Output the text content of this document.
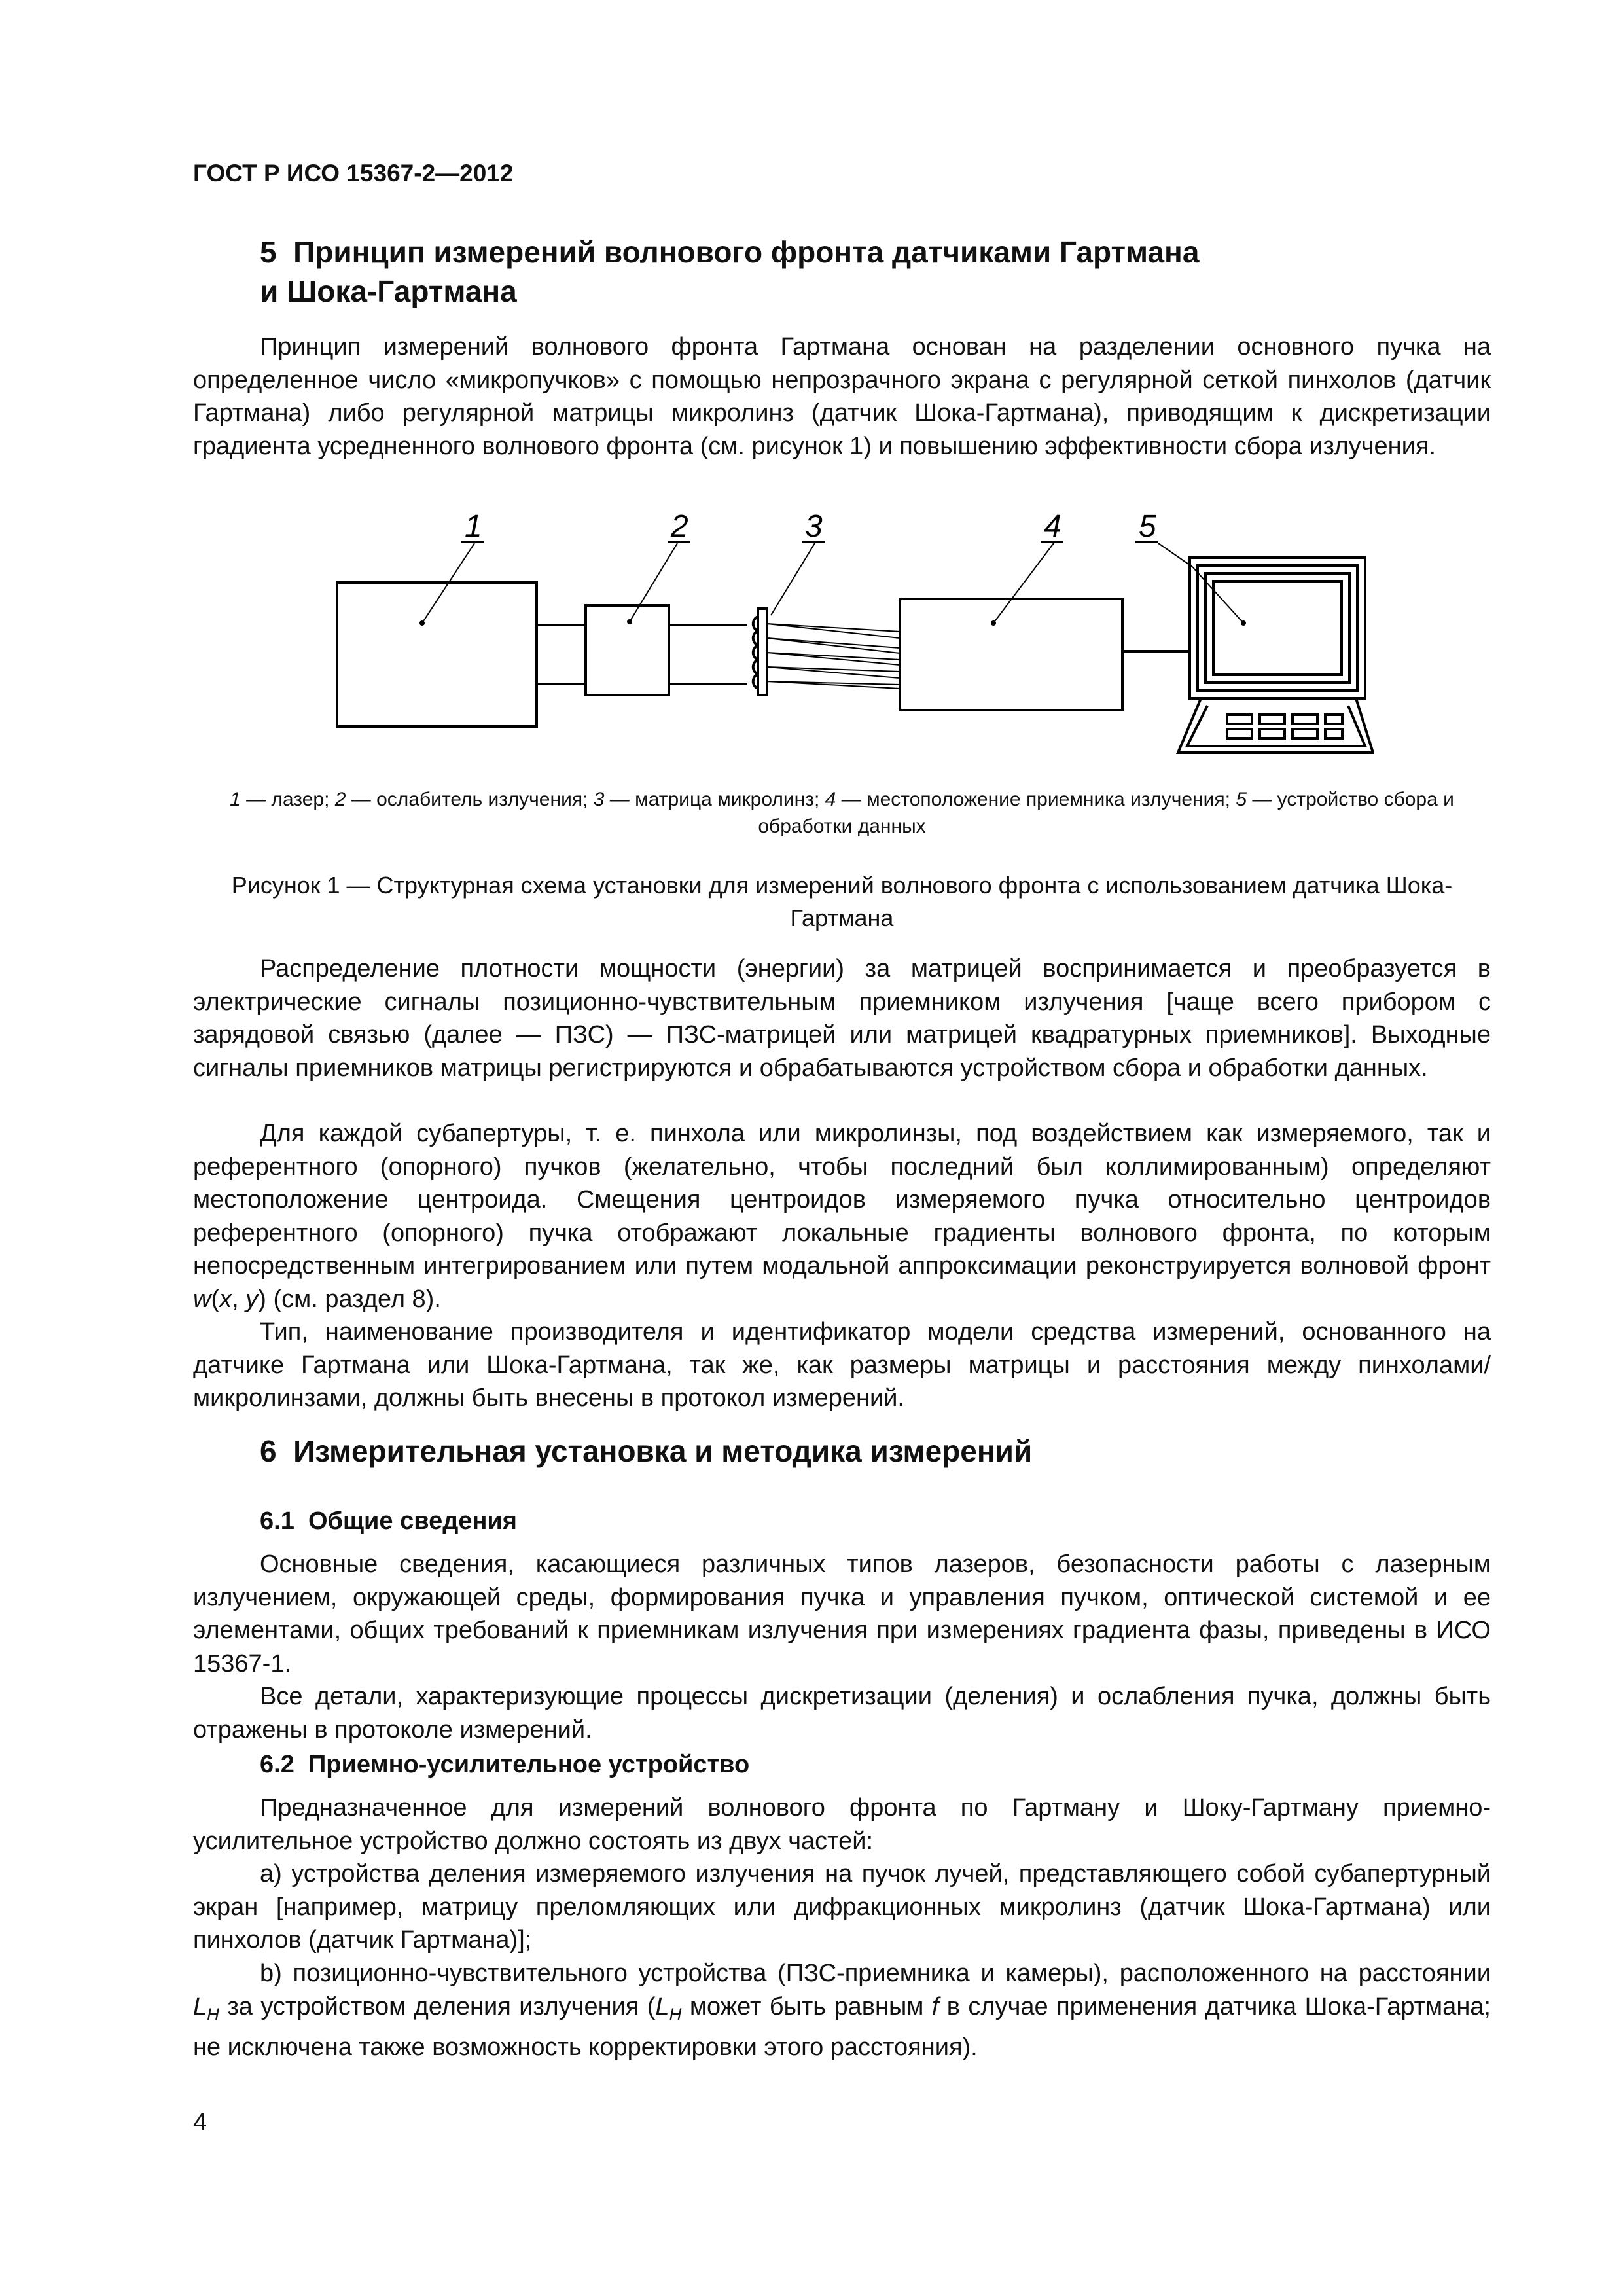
ГОСТ Р ИСО 15367-2—2012
5 Принцип измерений волнового фронта датчиками Гартмана
и Шока-Гартмана

Принцип измерений волнового фронта Гартмана основан на разделении основного пучка на определенное число «микропучков» с помощью непрозрачного экрана с регулярной сеткой пинхолов (датчик Гартмана) либо регулярной матрицы микролинз (датчик Шока-Гартмана), приводящим к дискретизации градиента усредненного волнового фронта (см. рисунок 1) и повышению эффективности сбора излучения.

1	2	3	4 5
1 — лазер; 2 — ослабитель излучения; 3 — матрица микролинз; 4 — местоположение приемника излучения; 5 — устройство сбора и обработки данных
Рисунок 1 — Структурная схема установки для измерений волнового фронта с использованием датчика Шока-Гартмана

Распределение плотности мощности (энергии) за матрицей воспринимается и преобразуется в электрические сигналы позиционно-чувствительным приемником излучения [чаще всего прибором с зарядовой связью (далее — ПЗС) — ПЗС-матрицей или матрицей квадратурных приемников]. Выходные сигналы приемников матрицы регистрируются и обрабатываются устройством сбора и обработки данных.

Для каждой субапертуры, т. е. пинхола или микролинзы, под воздействием как измеряемого, так и референтного (опорного) пучков (желательно, чтобы последний был коллимированным) определяют местоположение центроида. Смещения центроидов измеряемого пучка относительно центроидов референтного (опорного) пучка отображают локальные градиенты волнового фронта, по которым непосредственным интегрированием или путем модальной аппроксимации реконструируется волновой фронт w(x, y) (см. раздел 8).

Тип, наименование производителя и идентификатор модели средства измерений, основанного на датчике Гартмана или Шока-Гартмана, так же, как размеры матрицы и расстояния между пинхолами/микролинзами, должны быть внесены в протокол измерений.

6 Измерительная установка и методика измерений
6.1 Общие сведения

Основные сведения, касающиеся различных типов лазеров, безопасности работы с лазерным излучением, окружающей среды, формирования пучка и управления пучком, оптической системой и ее элементами, общих требований к приемникам излучения при измерениях градиента фазы, приведены в ИСО 15367-1.

Все детали, характеризующие процессы дискретизации (деления) и ослабления пучка, должны быть отражены в протоколе измерений.

6.2 Приемно-усилительное устройство

Предназначенное для измерений волнового фронта по Гартману и Шоку-Гартману приемно-усилительное устройство должно состоять из двух частей:

а) устройства деления измеряемого излучения на пучок лучей, представляющего собой субапертурный экран [например, матрицу преломляющих или дифракционных микролинз (датчик Шока-Гартмана) или пинхолов (датчик Гартмана)];

b) позиционно-чувствительного устройства (ПЗС-приемника и камеры), расположенного на расстоянии $L_H$ за устройством деления излучения ($L_H$ может быть равным f в случае применения датчика Шока-Гартмана; не исключена также возможность корректировки этого расстояния).

4
